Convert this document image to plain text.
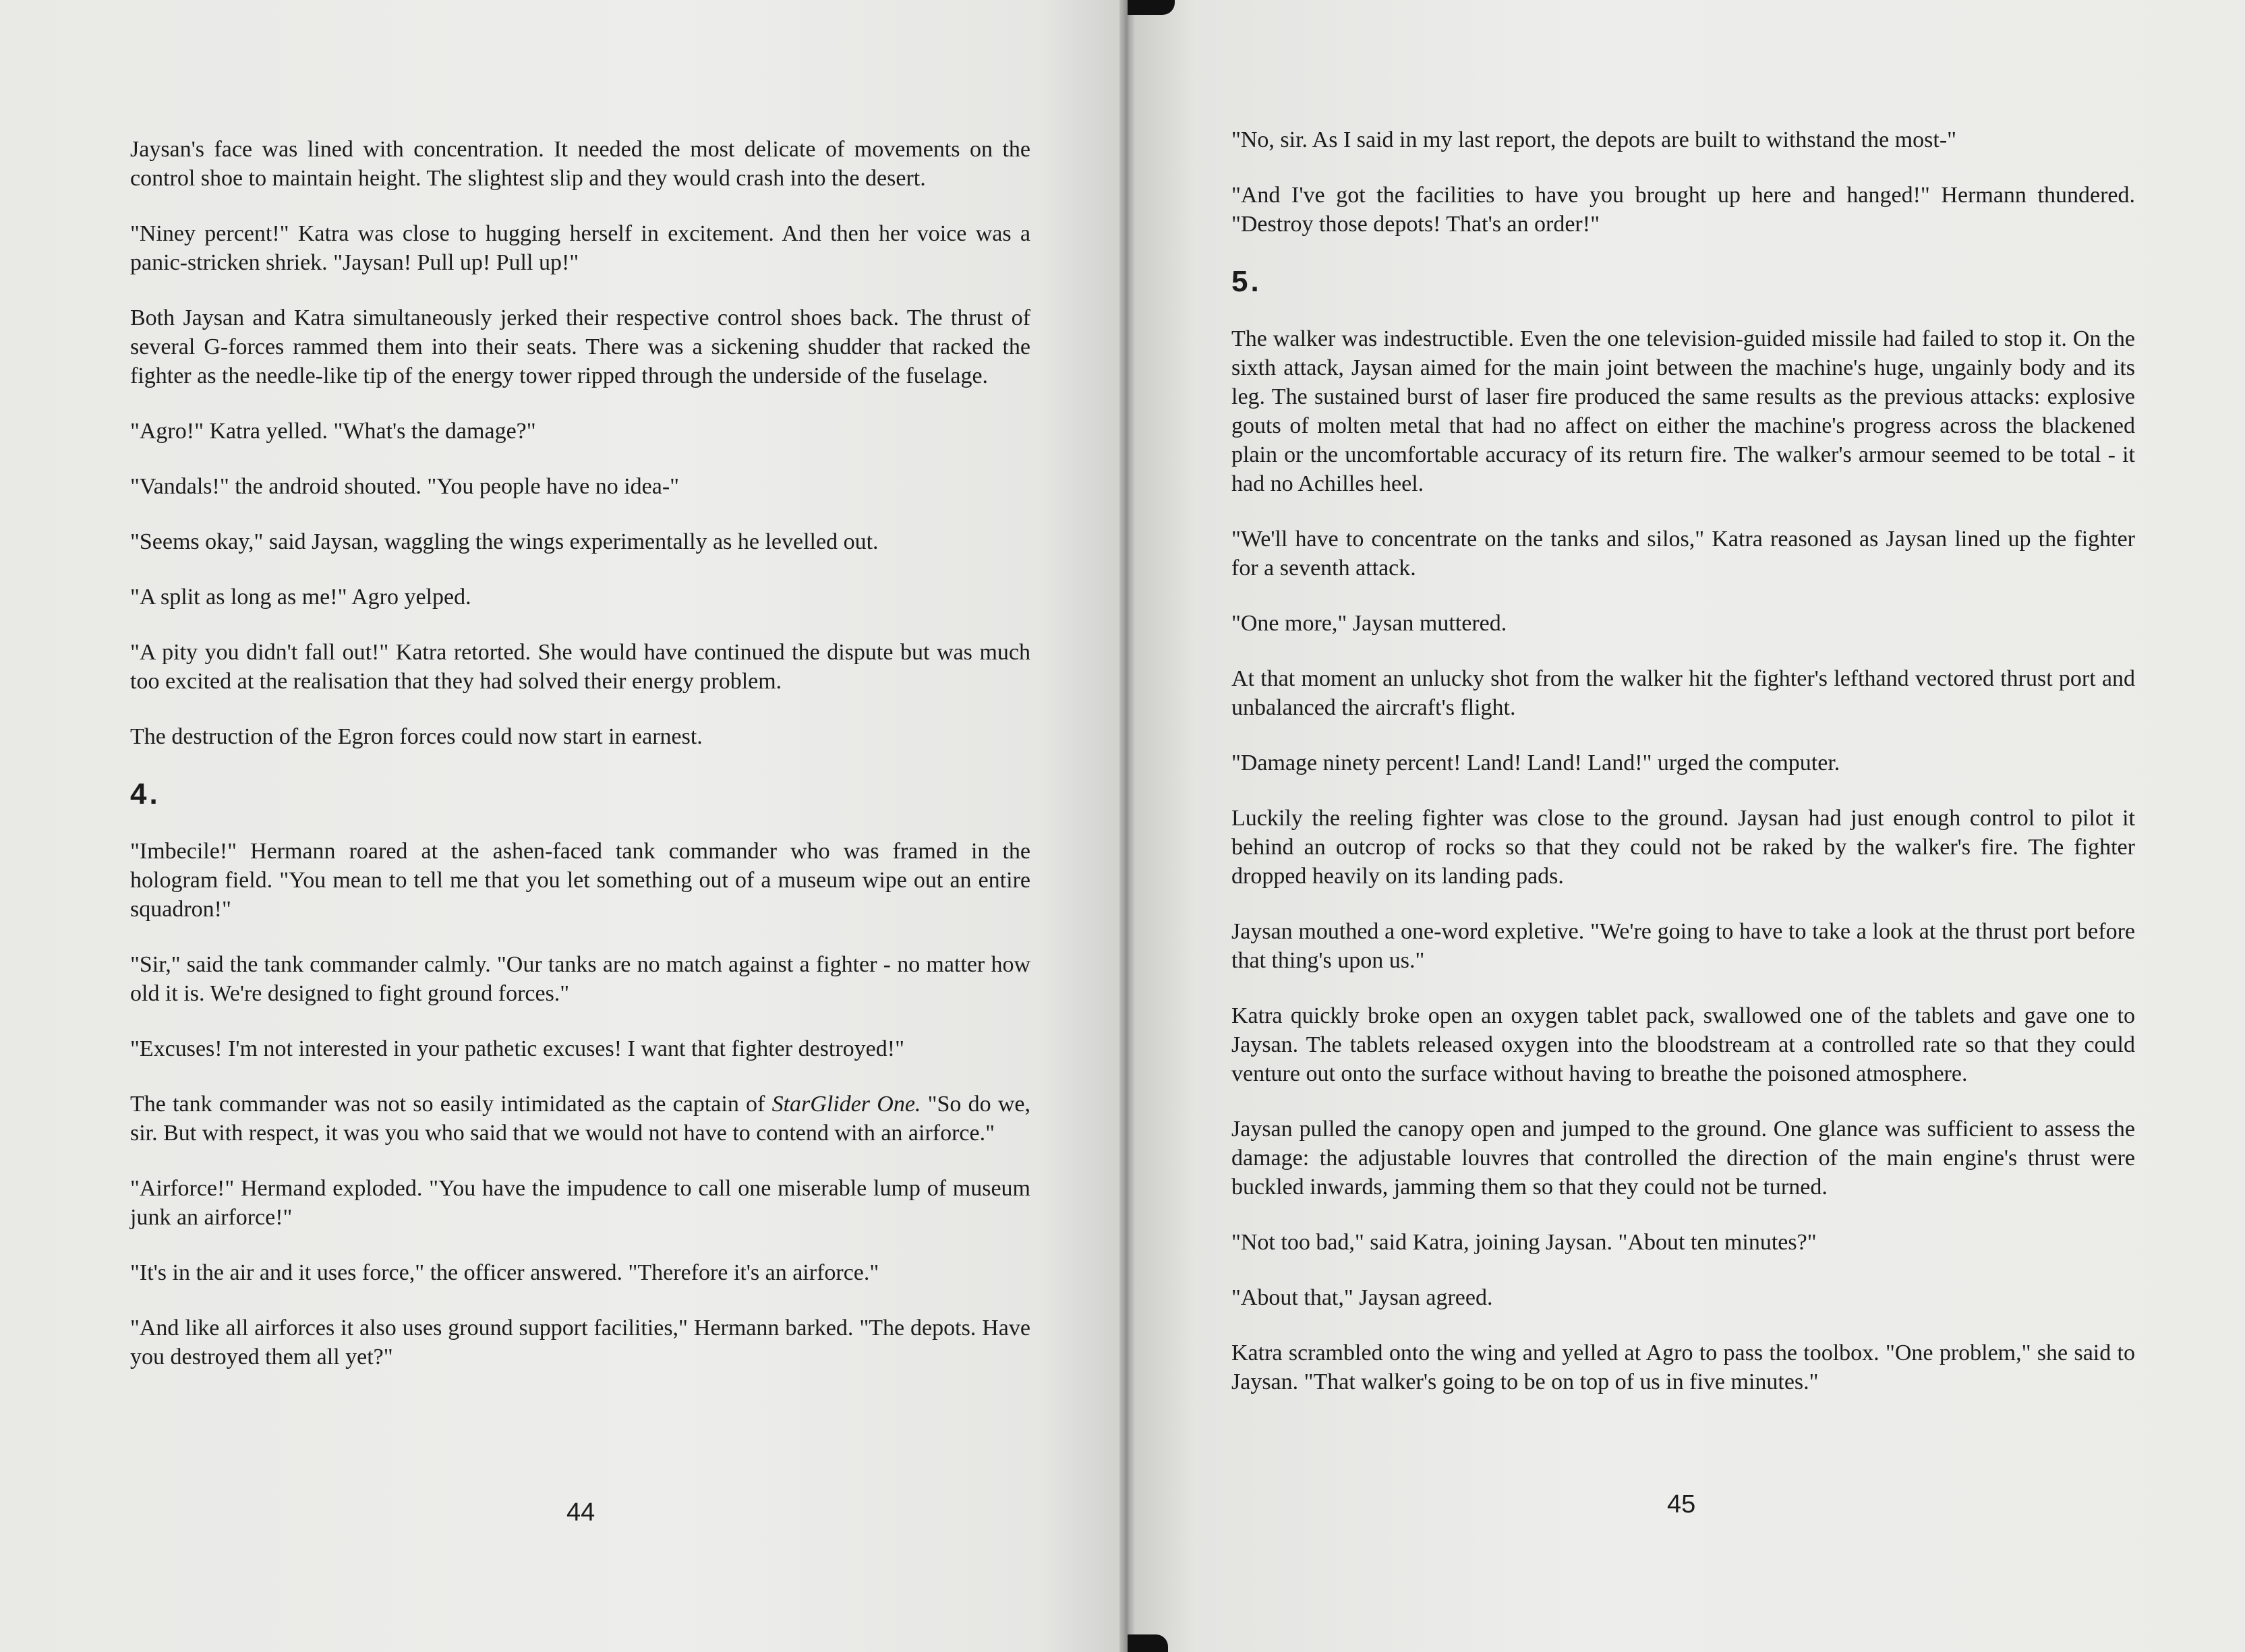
Jaysan's face was lined with concentration. It needed the most delicate of movements on the control shoe to maintain height. The slightest slip and they would crash into the desert.

"Niney percent!" Katra was close to hugging herself in excitement. And then her voice was a panic-stricken shriek. "Jaysan! Pull up! Pull up!"

Both Jaysan and Katra simultaneously jerked their respective control shoes back. The thrust of several G-forces rammed them into their seats. There was a sickening shudder that racked the fighter as the needle-like tip of the energy tower ripped through the underside of the fuselage.

"Agro!" Katra yelled. "What's the damage?"

"Vandals!" the android shouted. "You people have no idea-"

"Seems okay," said Jaysan, waggling the wings experimentally as he levelled out.

"A split as long as me!" Agro yelped.

"A pity you didn't fall out!" Katra retorted. She would have continued the dispute but was much too excited at the realisation that they had solved their energy problem.

The destruction of the Egron forces could now start in earnest.

4.

"Imbecile!" Hermann roared at the ashen-faced tank commander who was framed in the hologram field. "You mean to tell me that you let something out of a museum wipe out an entire squadron!"

"Sir," said the tank commander calmly. "Our tanks are no match against a fighter - no matter how old it is. We're designed to fight ground forces."

"Excuses! I'm not interested in your pathetic excuses! I want that fighter destroyed!"

The tank commander was not so easily intimidated as the captain of StarGlider One. "So do we, sir. But with respect, it was you who said that we would not have to contend with an airforce."

"Airforce!" Hermand exploded. "You have the impudence to call one miserable lump of museum junk an airforce!"

"It's in the air and it uses force," the officer answered. "Therefore it's an airforce."

"And like all airforces it also uses ground support facilities," Hermann barked. "The depots. Have you destroyed them all yet?"

44

"No, sir. As I said in my last report, the depots are built to withstand the most-"

"And I've got the facilities to have you brought up here and hanged!" Hermann thundered. "Destroy those depots! That's an order!"

5.

The walker was indestructible. Even the one television-guided missile had failed to stop it. On the sixth attack, Jaysan aimed for the main joint between the machine's huge, ungainly body and its leg. The sustained burst of laser fire produced the same results as the previous attacks: explosive gouts of molten metal that had no affect on either the machine's progress across the blackened plain or the uncomfortable accuracy of its return fire. The walker's armour seemed to be total - it had no Achilles heel.

"We'll have to concentrate on the tanks and silos," Katra reasoned as Jaysan lined up the fighter for a seventh attack.

"One more," Jaysan muttered.

At that moment an unlucky shot from the walker hit the fighter's lefthand vectored thrust port and unbalanced the aircraft's flight.

"Damage ninety percent! Land! Land! Land!" urged the computer.

Luckily the reeling fighter was close to the ground. Jaysan had just enough control to pilot it behind an outcrop of rocks so that they could not be raked by the walker's fire. The fighter dropped heavily on its landing pads.

Jaysan mouthed a one-word expletive. "We're going to have to take a look at the thrust port before that thing's upon us."

Katra quickly broke open an oxygen tablet pack, swallowed one of the tablets and gave one to Jaysan. The tablets released oxygen into the bloodstream at a controlled rate so that they could venture out onto the surface without having to breathe the poisoned atmosphere.

Jaysan pulled the canopy open and jumped to the ground. One glance was sufficient to assess the damage: the adjustable louvres that controlled the direction of the main engine's thrust were buckled inwards, jamming them so that they could not be turned.

"Not too bad," said Katra, joining Jaysan. "About ten minutes?"

"About that," Jaysan agreed.

Katra scrambled onto the wing and yelled at Agro to pass the toolbox. "One problem," she said to Jaysan. "That walker's going to be on top of us in five minutes."

45
